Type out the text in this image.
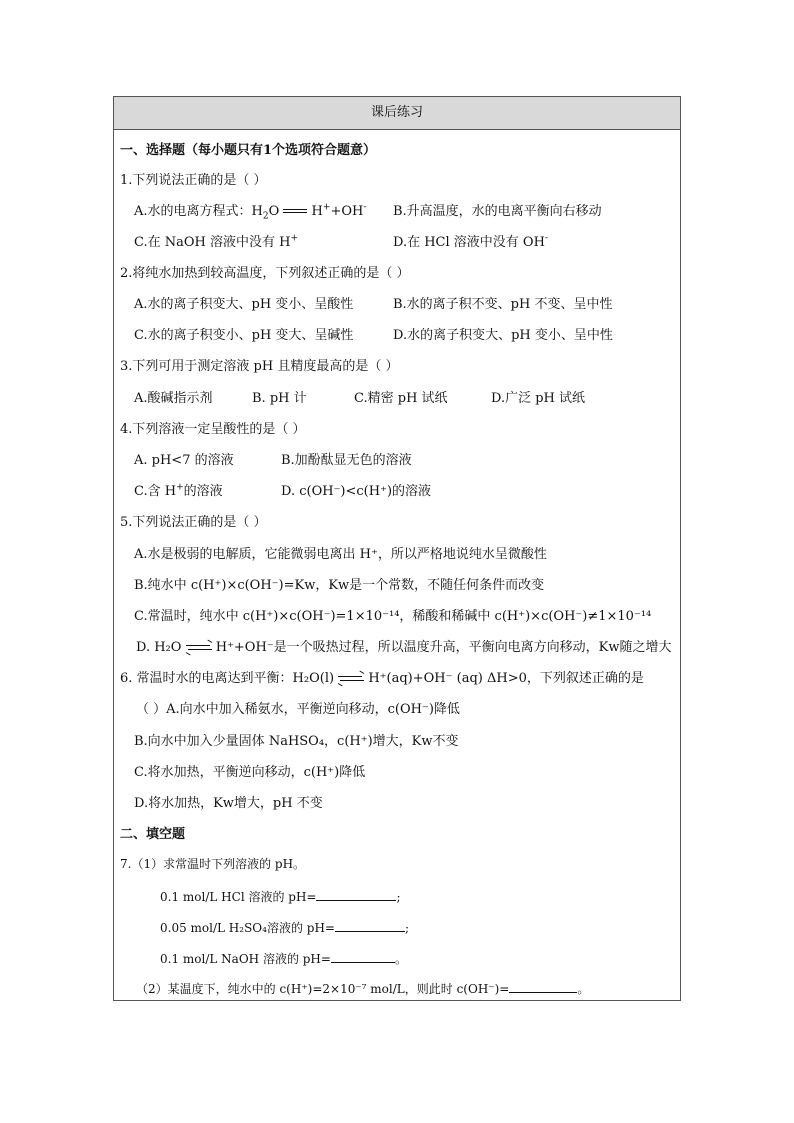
课后练习
一、选择题（每小题只有1个选项符合题意）
1.下列说法正确的是（ ）
A.水的电离方程式：$H_2O$ H++OH- B.升高温度，水的电离平衡向右移动
C.在 NaOH 溶液中没有 H+	D.在 HCl 溶液中没有 OH-
2.将纯水加热到较高温度，下列叙述正确的是（ ）
A.水的离子积变大、pH 变小、呈酸性	B.水的离子积不变、pH 不变、呈中性
C.水的离子积变小、pH 变大、呈碱性	D.水的离子积变大、pH 变小、呈中性
3.下列可用于测定溶液 pH 且精度最高的是（ ）
A.酸碱指示剂	B. pH 计	C.精密 pH 试纸	D.广泛 pH 试纸
4.下列溶液一定呈酸性的是（ ）
A. pH<7 的溶液	B.加酚酞显无色的溶液
C.含 H+的溶液	D. c(OH⁻)<c(H⁺)的溶液
5.下列说法正确的是（ ）
A.水是极弱的电解质，它能微弱电离出 H⁺，所以严格地说纯水呈微酸性
B.纯水中 c(H⁺)×c(OH⁻)=Kw，Kw是一个常数，不随任何条件而改变
C.常温时，纯水中 c(H⁺)×c(OH⁻)=1×10⁻¹⁴，稀酸和稀碱中 c(H⁺)×c(OH⁻)≠1×10⁻¹⁴
D. H₂O	H⁺+OH⁻是一个吸热过程，所以温度升高，平衡向电离方向移动，Kw随之增大
6. 常温时水的电离达到平衡：H₂O(l)	H⁺(aq)+OH⁻ (aq) ΔH>0，下列叙述正确的是
（ ）A.向水中加入稀氨水，平衡逆向移动，c(OH⁻)降低
B.向水中加入少量固体 NaHSO₄，c(H⁺)增大，Kw不变
C.将水加热，平衡逆向移动，c(H⁺)降低
D.将水加热，Kw增大，pH 不变
二、填空题
7.（1）求常温时下列溶液的 pH。
0.1 mol/L HCl 溶液的 pH=	;
0.05 mol/L H₂SO₄溶液的 pH=	;
0.1 mol/L NaOH 溶液的 pH=	。
（2）某温度下，纯水中的 c(H⁺)=2×10⁻⁷ mol/L，则此时 c(OH⁻)=	。
